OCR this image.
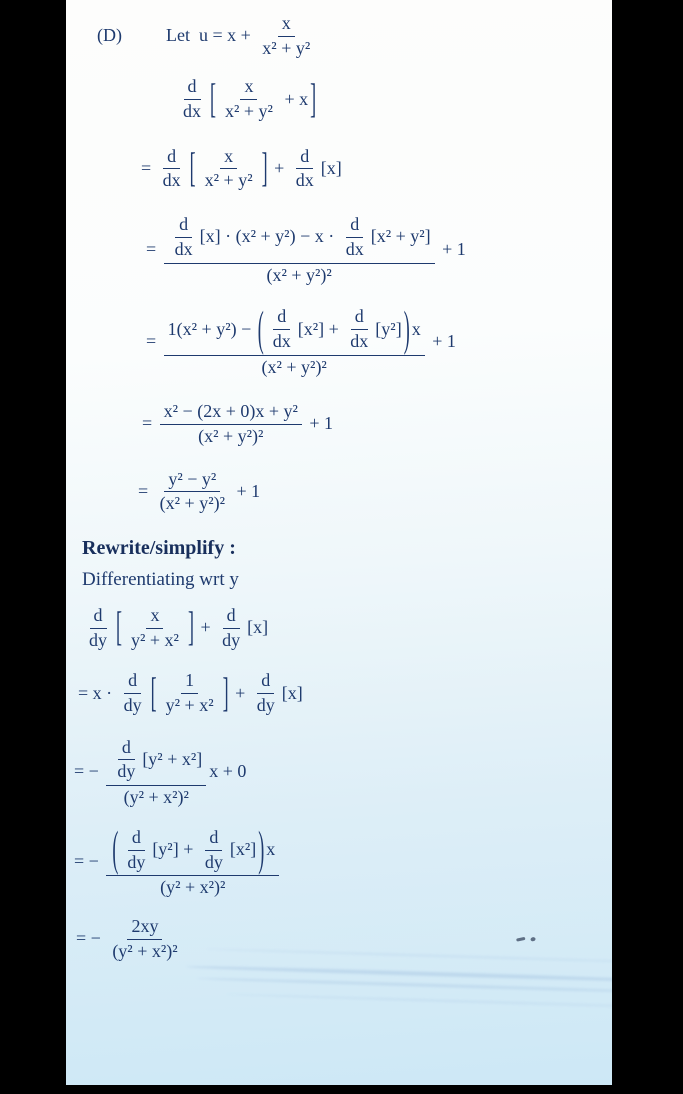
(D) Let  $u = x + \frac{x}{\text{x² + y²}}$
$\frac{d}{dx}$ [ $\frac{x}{\text{x² + y²}} + x$ ]
= $\frac{d}{dx}$ [ $\frac{x}{\text{x² + y²}}$ ] + $\frac{d}{dx} [x]$
= $\frac{\frac{d}{dx} [x] \cdot (x^2 + y^2) - x \cdot \frac{d}{dx} [x^2 + y^2]}{\text{(x² + y²)²}} + 1$
= $\frac{1(x^2 + y^2) - ( \frac{d}{dx} [x^2] + \frac{d}{dx} [y^2] ) x}{\text{(x² + y²)²}} + 1$
= $\frac{\text{x² − (2x + 0)x + y²}}{\text{(x² + y²)²}} + 1$
= $\frac{\text{y² − y²}}{\text{(x² + y²)²}} + 1$
Rewrite/simplify :
Differentiating wrt y
$\frac{d}{dy}$ [ $\frac{x}{\text{y² + x²}}$ ] + $\frac{d}{dy} [x]$
= $x \cdot \frac{d}{dy}$ [ $\frac{1}{\text{y² + x²}}$ ] + $\frac{d}{dy} [x]$
= − $\frac{\frac{d}{dy} [y^2 + x^2]}{\text{(y² + x²)²}}$ x + 0
= − $\frac{( \frac{d}{dy} [y^2] + \frac{d}{dy} [x^2] ) x}{\text{(y² + x²)²}}$
= − $\frac{2xy}{\text{(y² + x²)²}}$
